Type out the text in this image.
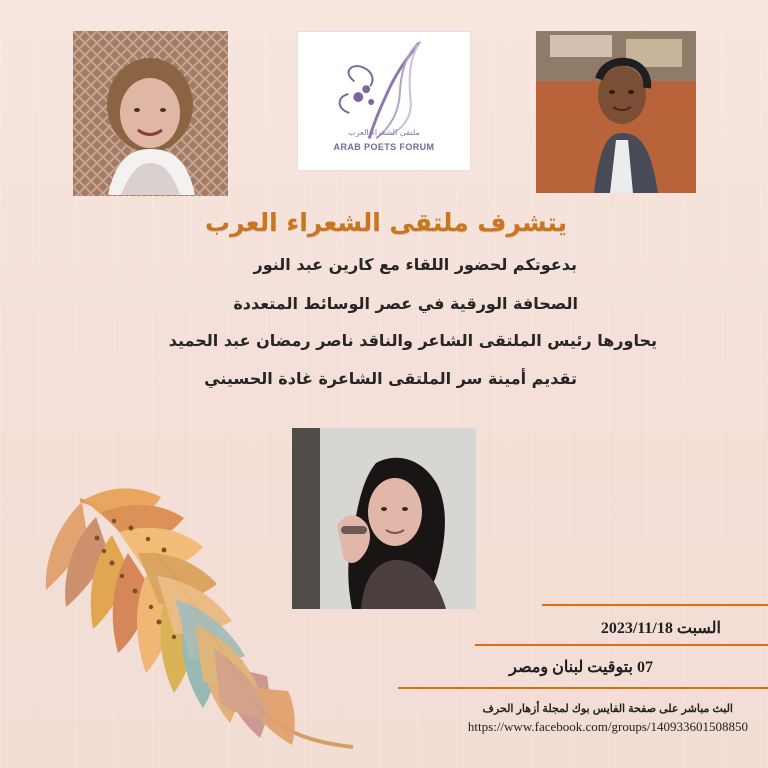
ملتقى الشعراء العرب
ARAB POETS FORUM
يتشرف ملتقى الشعراء العرب
بدعوتكم لحضور اللقاء مع كارين عبد النور
الصحافة الورقية في عصر الوسائط المتعددة
يحاورها رئيس الملتقى الشاعر والناقد ناصر رمضان عبد الحميد
تقديم أمينة سر الملتقى الشاعرة غادة الحسيني
السبت 2023/11/18
07 بتوقيت لبنان ومصر
البث مباشر على صفحة الفايس بوك لمجلة أزهار الحرف
https://www.facebook.com/groups/140933601508850
